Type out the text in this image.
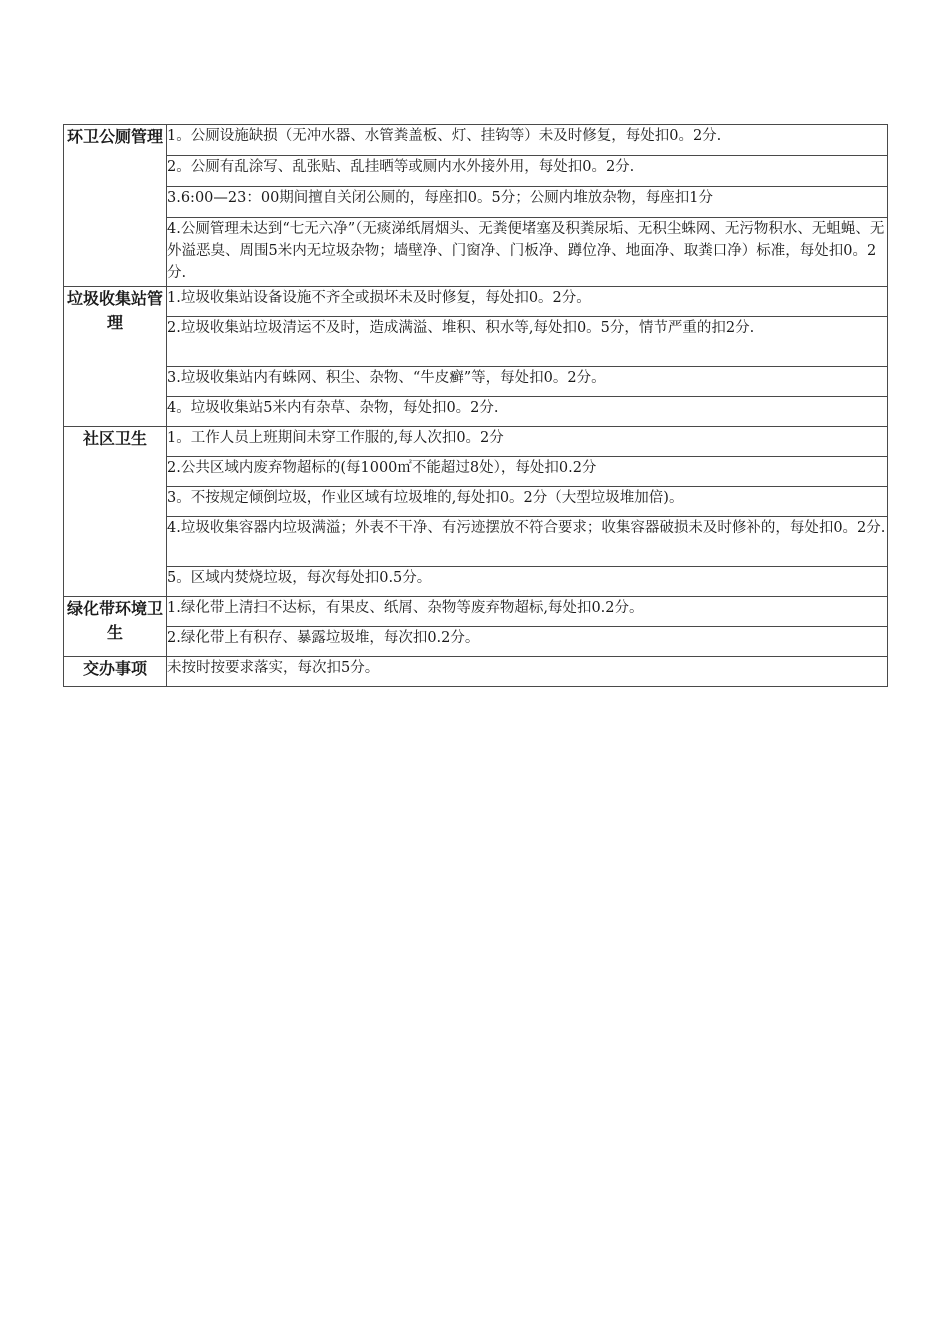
环卫公厕管理	1。公厕设施缺损（无冲水器、水管粪盖板、灯、挂钩等）未及时修复，每处扣0。2分.
	2。公厕有乱涂写、乱张贴、乱挂晒等或厕内水外接外用，每处扣0。2分.
	3.6:00—23：00期间擅自关闭公厕的，每座扣0。5分；公厕内堆放杂物，每座扣1分
	4.公厕管理未达到“七无六净”（无痰涕纸屑烟头、无粪便堵塞及积粪尿垢、无积尘蛛网、无污物积水、无蛆蝇、无外溢恶臭、周围5米内无垃圾杂物；墙壁净、门窗净、门板净、蹲位净、地面净、取粪口净）标准，每处扣0。2分.
垃圾收集站管理	1.垃圾收集站设备设施不齐全或损坏未及时修复，每处扣0。2分。
	2.垃圾收集站垃圾清运不及时，造成满溢、堆积、积水等,每处扣0。5分，情节严重的扣2分.
	3.垃圾收集站内有蛛网、积尘、杂物、“牛皮癣”等，每处扣0。2分。
	4。垃圾收集站5米内有杂草、杂物，每处扣0。2分.
社区卫生	1。工作人员上班期间未穿工作服的,每人次扣0。2分
	2.公共区域内废弃物超标的(每1000㎡不能超过8处），每处扣0.2分
	3。不按规定倾倒垃圾，作业区域有垃圾堆的,每处扣0。2分（大型垃圾堆加倍)。
	4.垃圾收集容器内垃圾满溢；外表不干净、有污迹摆放不符合要求；收集容器破损未及时修补的，每处扣0。2分.
	5。区域内焚烧垃圾，每次每处扣0.5分。
绿化带环境卫生	1.绿化带上清扫不达标，有果皮、纸屑、杂物等废弃物超标,每处扣0.2分。
	2.绿化带上有积存、暴露垃圾堆，每次扣0.2分。
交办事项	未按时按要求落实，每次扣5分。
